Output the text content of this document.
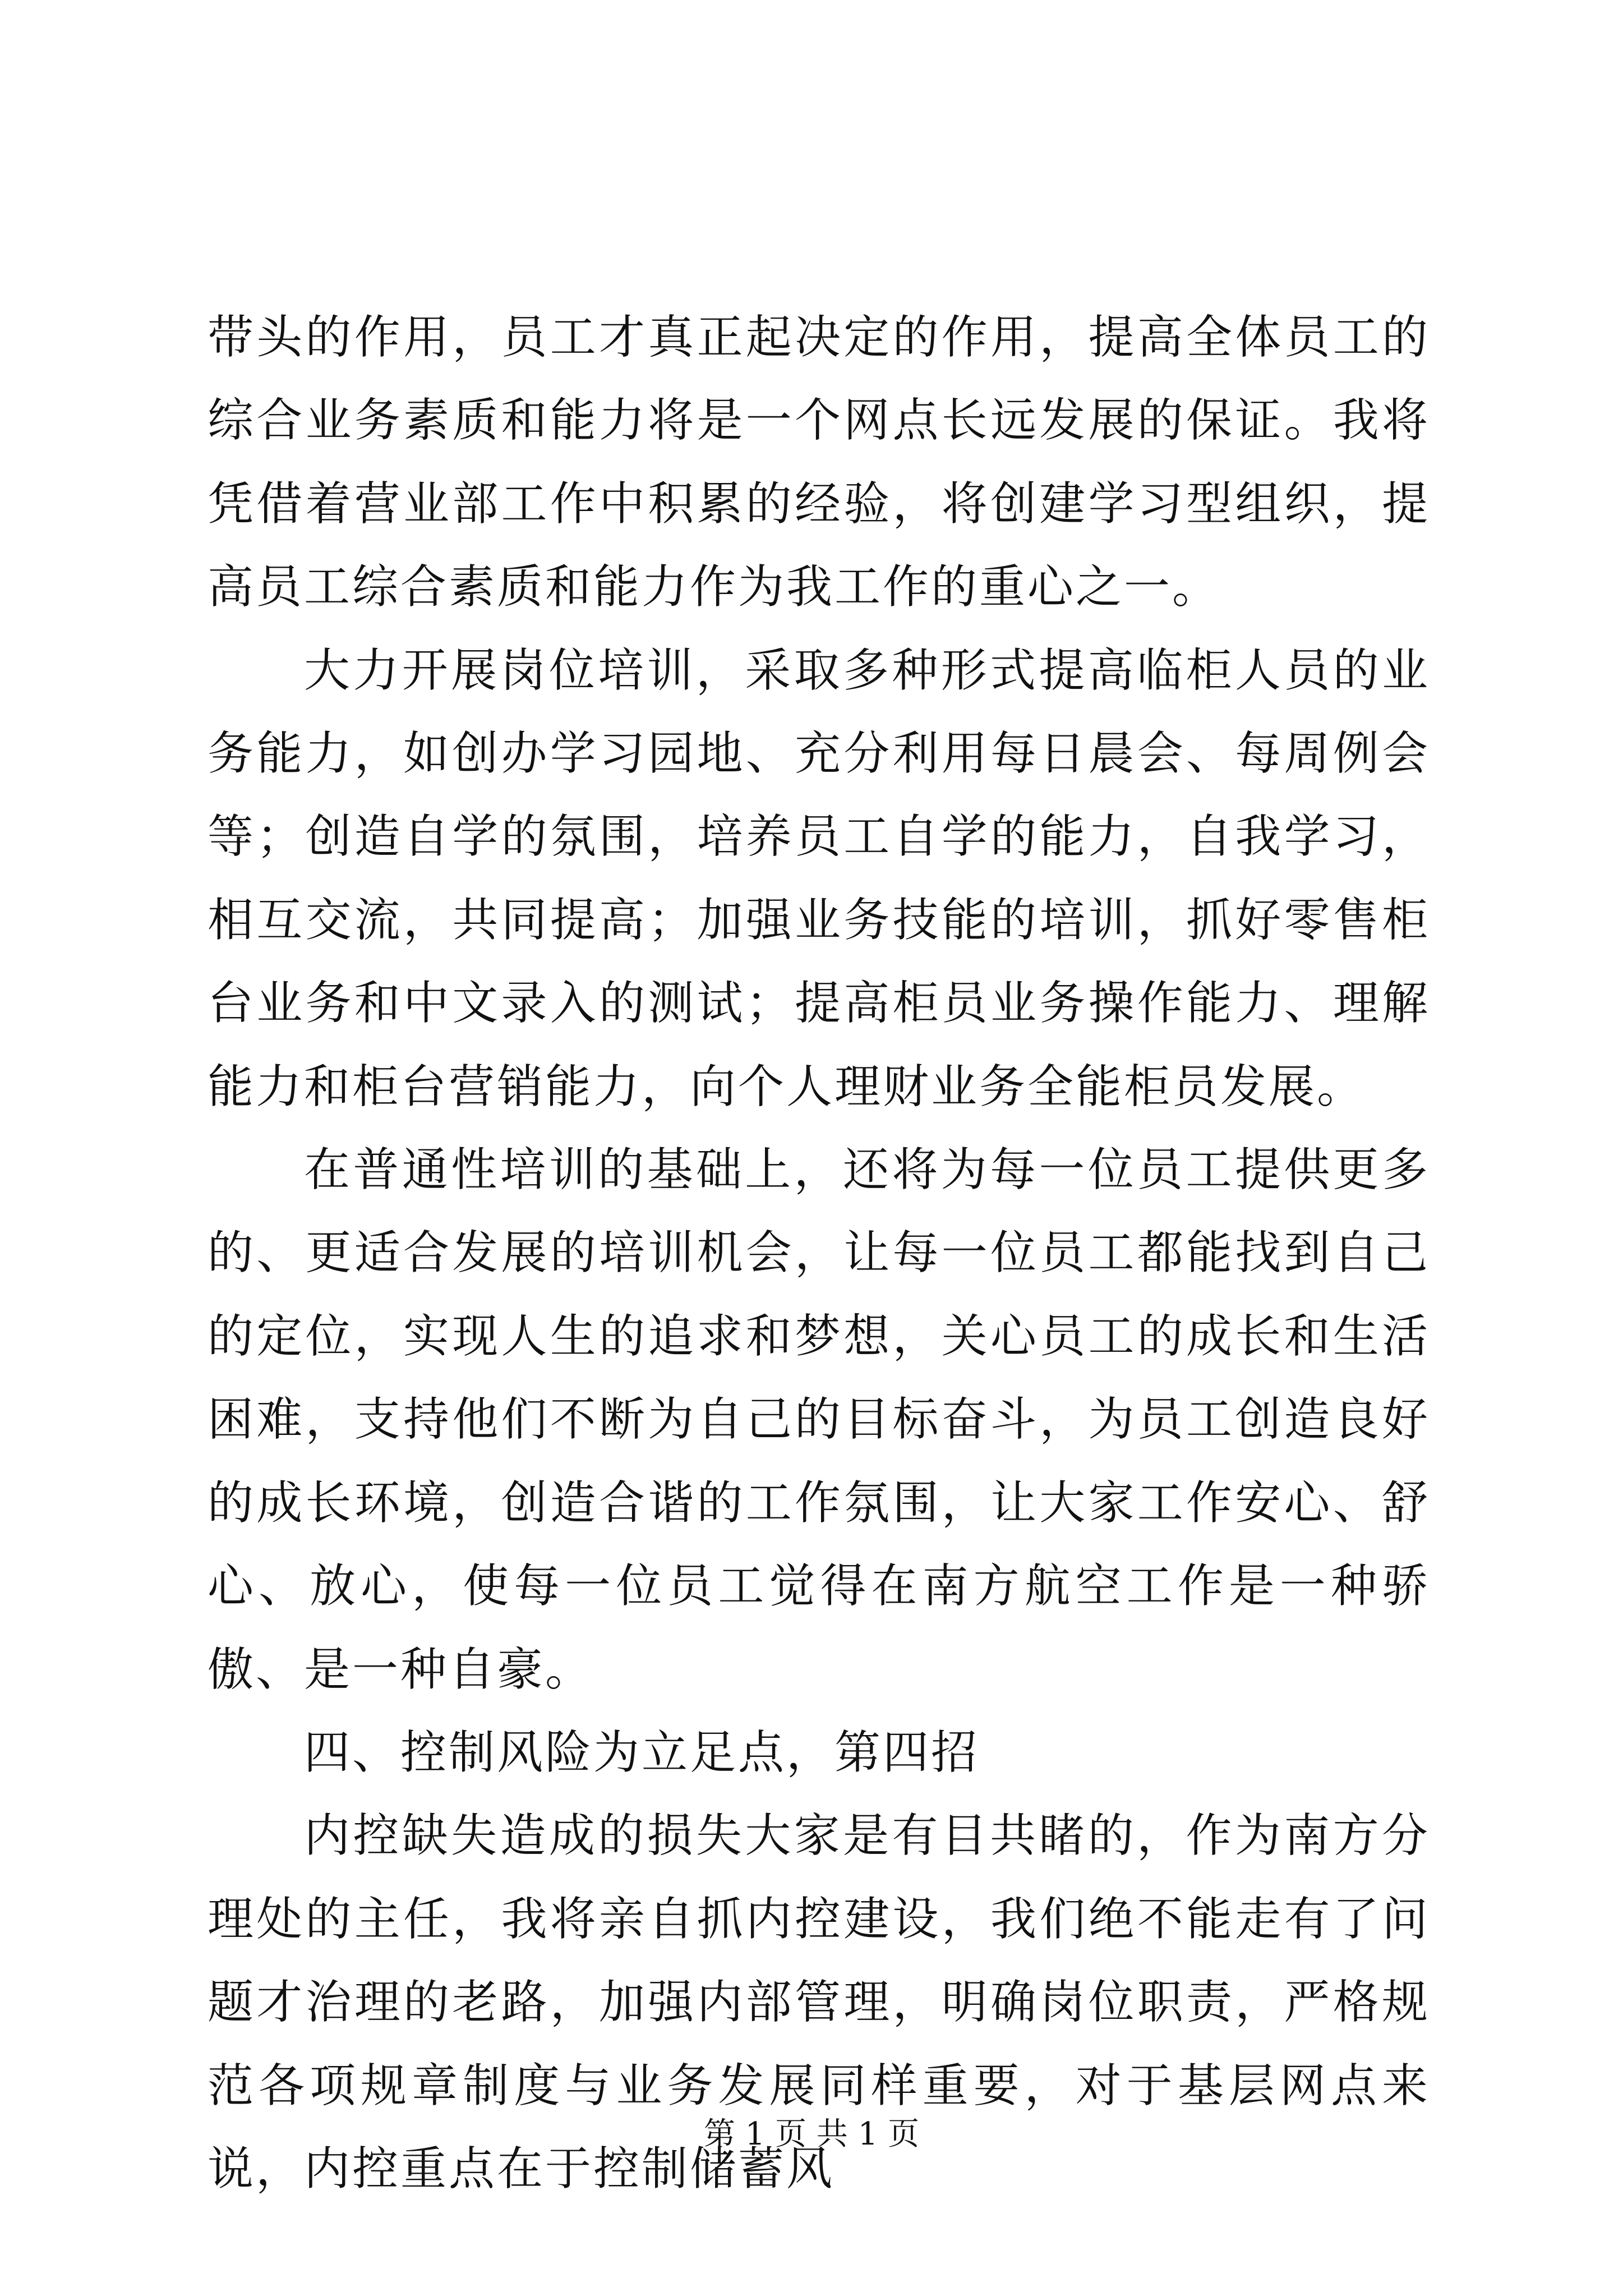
带头的作用，员工才真正起决定的作用，提高全体员工的综合业务素质和能力将是一个网点长远发展的保证。我将凭借着营业部工作中积累的经验，将创建学习型组织，提高员工综合素质和能力作为我工作的重心之一。

大力开展岗位培训，采取多种形式提高临柜人员的业务能力，如创办学习园地、充分利用每日晨会、每周例会等；创造自学的氛围，培养员工自学的能力，自我学习，相互交流，共同提高；加强业务技能的培训，抓好零售柜台业务和中文录入的测试；提高柜员业务操作能力、理解能力和柜台营销能力，向个人理财业务全能柜员发展。

在普通性培训的基础上，还将为每一位员工提供更多的、更适合发展的培训机会，让每一位员工都能找到自己的定位，实现人生的追求和梦想，关心员工的成长和生活困难，支持他们不断为自己的目标奋斗，为员工创造良好的成长环境，创造合谐的工作氛围，让大家工作安心、舒心、放心，使每一位员工觉得在南方航空工作是一种骄傲、是一种自豪。

四、控制风险为立足点，第四招

内控缺失造成的损失大家是有目共睹的，作为南方分理处的主任，我将亲自抓内控建设，我们绝不能走有了问题才治理的老路，加强内部管理，明确岗位职责，严格规范各项规章制度与业务发展同样重要，对于基层网点来说，内控重点在于控制储蓄风

第 1 页 共 1 页
